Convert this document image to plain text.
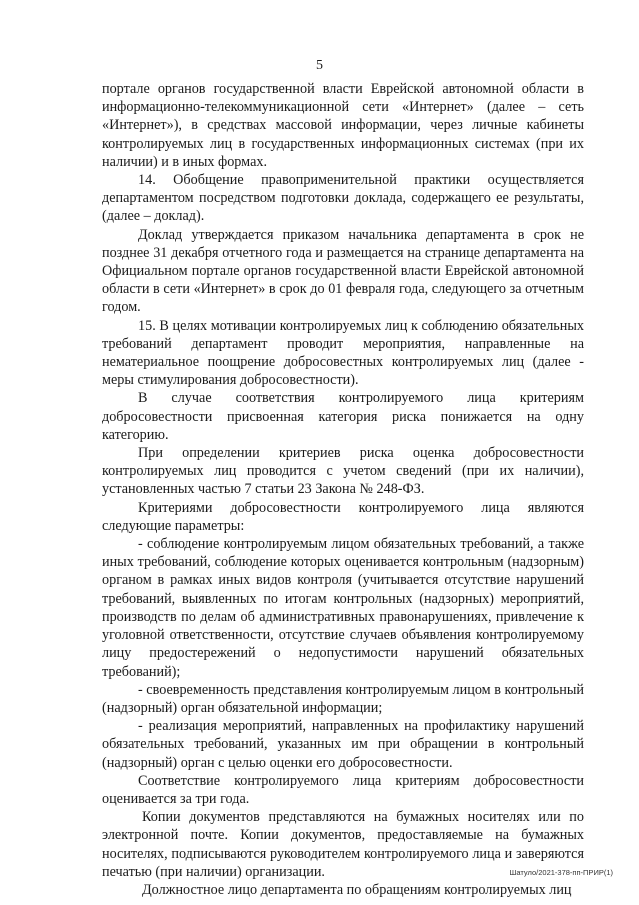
5

портале органов государственной власти Еврейской автономной области в информационно-телекоммуникационной сети «Интернет» (далее – сеть «Интернет»), в средствах массовой информации, через личные кабинеты контролируемых лиц в государственных информационных системах (при их наличии) и в иных формах.

14. Обобщение правоприменительной практики осуществляется департаментом посредством подготовки доклада, содержащего ее результаты, (далее – доклад).

Доклад утверждается приказом начальника департамента в срок не позднее 31 декабря отчетного года и размещается на странице департамента на Официальном портале органов государственной власти Еврейской автономной области в сети «Интернет» в срок до 01 февраля года, следующего за отчетным годом.

15. В целях мотивации контролируемых лиц к соблюдению обязательных требований департамент проводит мероприятия, направленные на нематериальное поощрение добросовестных контролируемых лиц (далее - меры стимулирования добросовестности).

В случае соответствия контролируемого лица критериям добросовестности присвоенная категория риска понижается на одну категорию.

При определении критериев риска оценка добросовестности контролируемых лиц проводится с учетом сведений (при их наличии), установленных частью 7 статьи 23 Закона № 248-ФЗ.

Критериями добросовестности контролируемого лица являются следующие параметры:

- соблюдение контролируемым лицом обязательных требований, а также иных требований, соблюдение которых оценивается контрольным (надзорным) органом в рамках иных видов контроля (учитывается отсутствие нарушений требований, выявленных по итогам контрольных (надзорных) мероприятий, производств по делам об административных правонарушениях, привлечение к уголовной ответственности, отсутствие случаев объявления контролируемому лицу предостережений о недопустимости нарушений обязательных требований);

- своевременность представления контролируемым лицом в контрольный (надзорный) орган обязательной информации;

- реализация мероприятий, направленных на профилактику нарушений обязательных требований, указанных им при обращении в контрольный (надзорный) орган с целью оценки его добросовестности.

Соответствие контролируемого лица критериям добросовестности оценивается за три года.

Копии документов представляются на бумажных носителях или по электронной почте. Копии документов, предоставляемые на бумажных носителях, подписываются руководителем контролируемого лица и заверяются печатью (при наличии) организации.

Должностное лицо департамента по обращениям контролируемых лиц

Шатуло/2021-378-пп-ПРИР(1)
